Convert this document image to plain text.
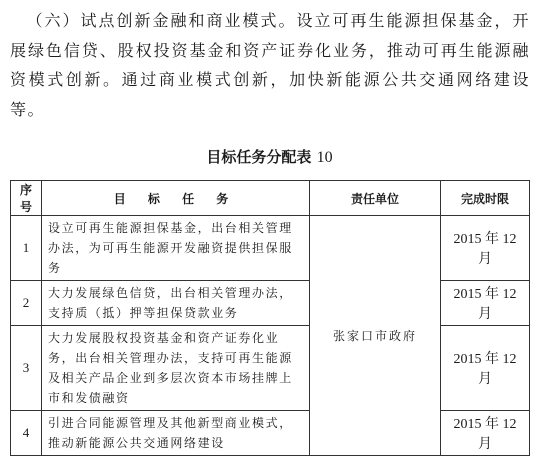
（六）试点创新金融和商业模式。设立可再生能源担保基金，开展绿色信贷、股权投资基金和资产证券化业务，推动可再生能源融资模式创新。通过商业模式创新，加快新能源公共交通网络建设等。
目标任务分配表 10
序号	目 标 任 务	责任单位	完成时限
1	设立可再生能源担保基金，出台相关管理办法，为可再生能源开发融资提供担保服务	张家口市政府	2015 年 12 月
2	大力发展绿色信贷，出台相关管理办法，支持质（抵）押等担保贷款业务		2015 年 12 月
3	大力发展股权投资基金和资产证券化业务，出台相关管理办法，支持可再生能源及相关产品企业到多层次资本市场挂牌上市和发债融资		2015 年 12 月
4	引进合同能源管理及其他新型商业模式，推动新能源公共交通网络建设		2015 年 12 月
